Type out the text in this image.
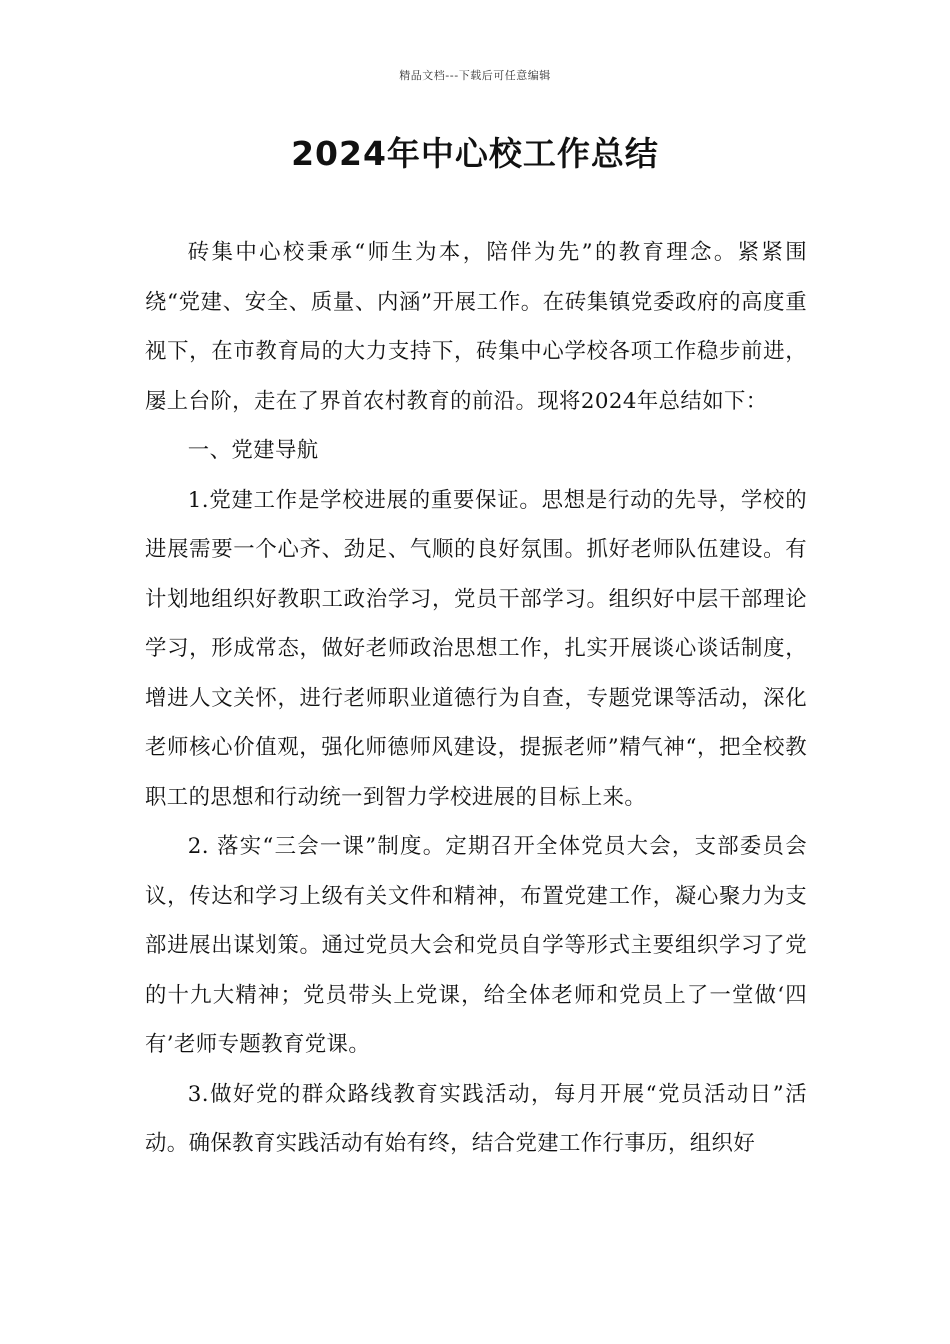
精品文档---下载后可任意编辑
2024年中心校工作总结

砖集中心校秉承“师生为本，陪伴为先”的教育理念。紧紧围绕“党建、安全、质量、内涵”开展工作。在砖集镇党委政府的高度重视下，在市教育局的大力支持下，砖集中心学校各项工作稳步前进，屡上台阶，走在了界首农村教育的前沿。现将2024年总结如下：

一、党建导航

1.党建工作是学校进展的重要保证。思想是行动的先导，学校的进展需要一个心齐、劲足、气顺的良好氛围。抓好老师队伍建设。有计划地组织好教职工政治学习，党员干部学习。组织好中层干部理论学习，形成常态，做好老师政治思想工作，扎实开展谈心谈话制度，增进人文关怀，进行老师职业道德行为自查，专题党课等活动，深化老师核心价值观，强化师德师风建设，提振老师”精气神“，把全校教职工的思想和行动统一到智力学校进展的目标上来。

2. 落实“三会一课”制度。定期召开全体党员大会，支部委员会议，传达和学习上级有关文件和精神，布置党建工作，凝心聚力为支部进展出谋划策。通过党员大会和党员自学等形式主要组织学习了党的十九大精神；党员带头上党课，给全体老师和党员上了一堂做‘四有’老师专题教育党课。

3.做好党的群众路线教育实践活动，每月开展“党员活动日”活动。确保教育实践活动有始有终，结合党建工作行事历，组织好
